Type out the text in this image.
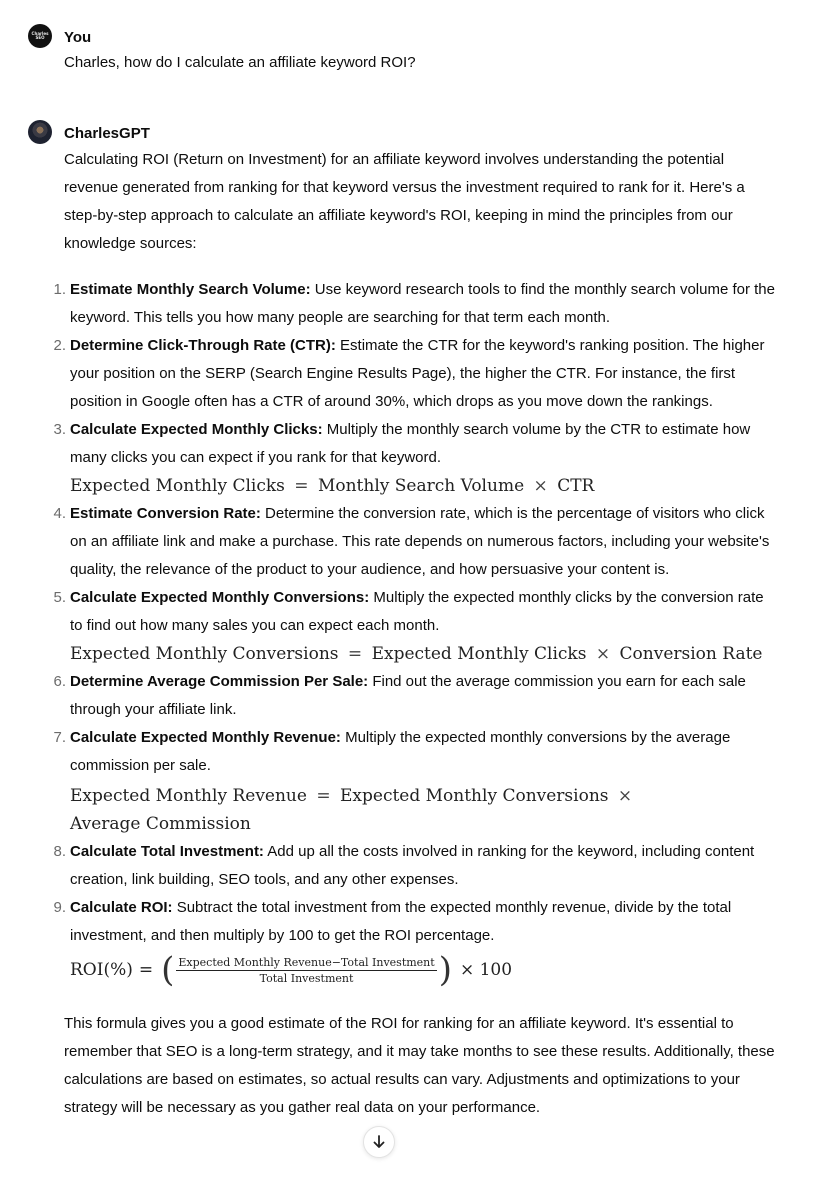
Charles
SEO You
Charles, how do I calculate an affiliate keyword ROI?
CharlesGPT
Calculating ROI (Return on Investment) for an affiliate keyword involves understanding the potential revenue generated from ranking for that keyword versus the investment required to rank for it. Here's a step-by-step approach to calculate an affiliate keyword's ROI, keeping in mind the principles from our knowledge sources:
1. Estimate Monthly Search Volume: Use keyword research tools to find the monthly search volume for the keyword. This tells you how many people are searching for that term each month.
2. Determine Click-Through Rate (CTR): Estimate the CTR for the keyword's ranking position. The higher your position on the SERP (Search Engine Results Page), the higher the CTR. For instance, the first position in Google often has a CTR of around 30%, which drops as you move down the rankings.
3. Calculate Expected Monthly Clicks: Multiply the monthly search volume by the CTR to estimate how many clicks you can expect if you rank for that keyword.
Expected Monthly Clicks = Monthly Search Volume × CTR
4. Estimate Conversion Rate: Determine the conversion rate, which is the percentage of visitors who click on an affiliate link and make a purchase. This rate depends on numerous factors, including your website's quality, the relevance of the product to your audience, and how persuasive your content is.
5. Calculate Expected Monthly Conversions: Multiply the expected monthly clicks by the conversion rate to find out how many sales you can expect each month.
Expected Monthly Conversions = Expected Monthly Clicks × Conversion Rate
6. Determine Average Commission Per Sale: Find out the average commission you earn for each sale through your affiliate link.
7. Calculate Expected Monthly Revenue: Multiply the expected monthly conversions by the average commission per sale.
Expected Monthly Revenue = Expected Monthly Conversions ×
Average Commission
8. Calculate Total Investment: Add up all the costs involved in ranking for the keyword, including content creation, link building, SEO tools, and any other expenses.
9. Calculate ROI: Subtract the total investment from the expected monthly revenue, divide by the total investment, and then multiply by 100 to get the ROI percentage.
ROI(%) = ( $\frac{\text{Expected Monthly Revenue−Total Investment}}{\text{Total Investment}}$ ) × 100
This formula gives you a good estimate of the ROI for ranking for an affiliate keyword. It's essential to remember that SEO is a long-term strategy, and it may take months to see these results. Additionally, these calculations are based on estimates, so actual results can vary. Adjustments and optimizations to your strategy will be necessary as you gather real data on your performance.
